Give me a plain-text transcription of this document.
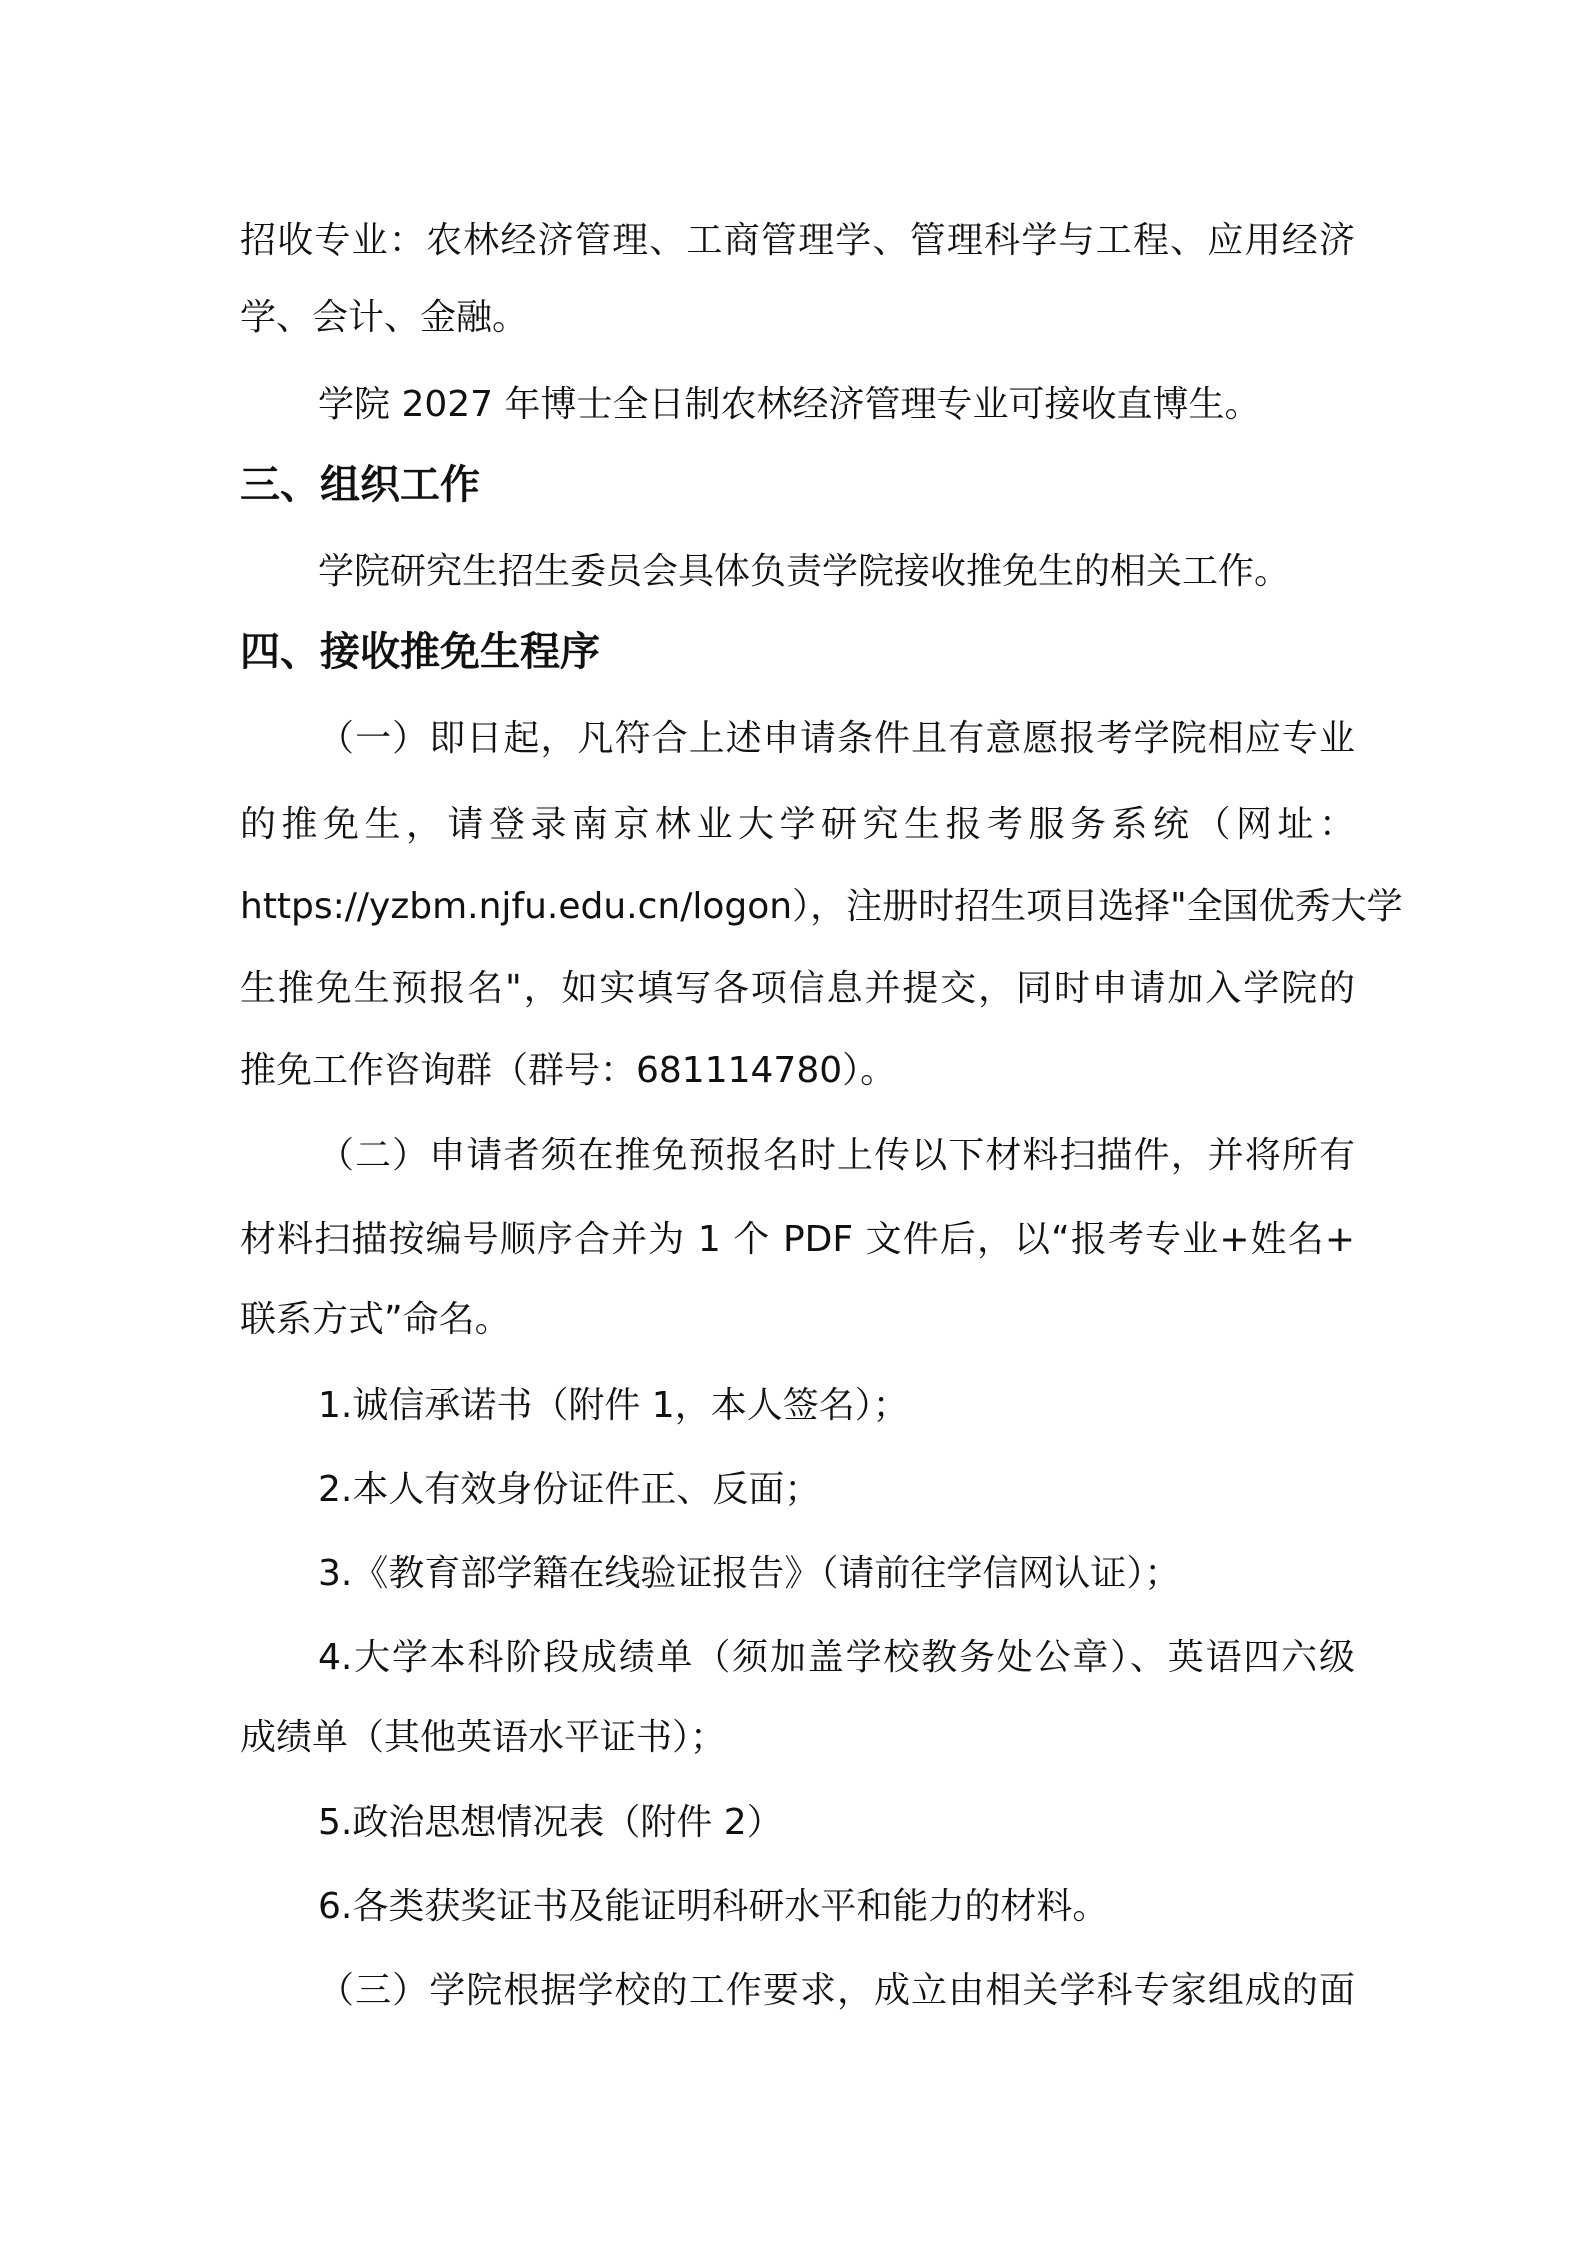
招收专业：农林经济管理、工商管理学、管理科学与工程、应用经济

学、会计、金融。

学院 2027 年博士全日制农林经济管理专业可接收直博生。

三、组织工作

学院研究生招生委员会具体负责学院接收推免生的相关工作。

四、接收推免生程序

（一）即日起，凡符合上述申请条件且有意愿报考学院相应专业

的推免生，请登录南京林业大学研究生报考服务系统（网址：

https://yzbm.njfu.edu.cn/logon），注册时招生项目选择"全国优秀大学

生推免生预报名"，如实填写各项信息并提交，同时申请加入学院的

推免工作咨询群（群号：681114780）。

（二）申请者须在推免预报名时上传以下材料扫描件，并将所有

材料扫描按编号顺序合并为 1 个 PDF 文件后，以“报考专业+姓名+

联系方式”命名。

1.诚信承诺书（附件 1，本人签名）；

2.本人有效身份证件正、反面；

3.《教育部学籍在线验证报告》（请前往学信网认证）；

4.大学本科阶段成绩单（须加盖学校教务处公章）、英语四六级

成绩单（其他英语水平证书）；

5.政治思想情况表（附件 2）

6.各类获奖证书及能证明科研水平和能力的材料。

（三）学院根据学校的工作要求，成立由相关学科专家组成的面
